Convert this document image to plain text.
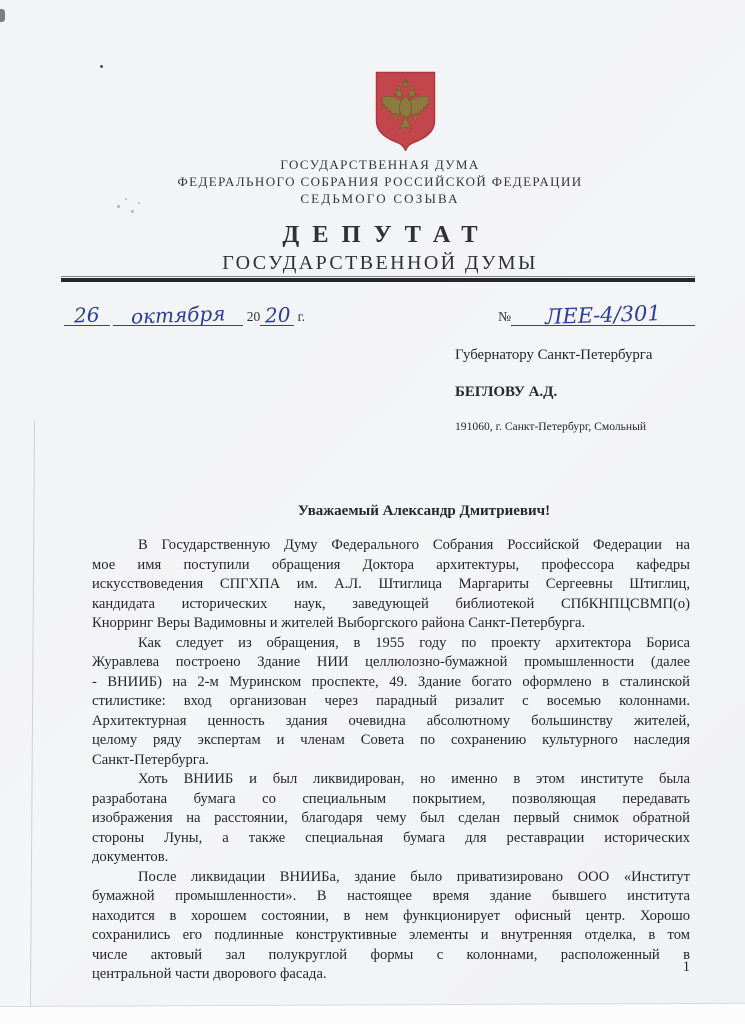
ГОСУДАРСТВЕННАЯ ДУМА
ФЕДЕРАЛЬНОГО СОБРАНИЯ РОССИЙСКОЙ ФЕДЕРАЦИИ
СЕДЬМОГО СОЗЫВА
ДЕПУТАТ
ГОСУДАРСТВЕННОЙ ДУМЫ
26 октября 20 20 г.	№ ЛЕЕ-4/301
Губернатору Санкт-Петербурга
БЕГЛОВУ А.Д.
191060, г. Санкт-Петербург, Смольный
Уважаемый Александр Дмитриевич!
В Государственную Думу Федерального Собрания Российской Федерации на
мое имя поступили обращения Доктора архитектуры, профессора кафедры
искусствоведения СПГХПА им. А.Л. Штиглица Маргариты Сергеевны Штиглиц,
кандидата исторических наук, заведующей библиотекой СПбКНПЦСВМП(о)
Кнорринг Веры Вадимовны и жителей Выборгского района Санкт-Петербурга.
Как следует из обращения, в 1955 году по проекту архитектора Бориса
Журавлева построено Здание НИИ целлюлозно-бумажной промышленности (далее
- ВНИИБ) на 2-м Муринском проспекте, 49. Здание богато оформлено в сталинской
стилистике: вход организован через парадный ризалит с восемью колоннами.
Архитектурная ценность здания очевидна абсолютному большинству жителей,
целому ряду экспертам и членам Совета по сохранению культурного наследия
Санкт-Петербурга.
Хоть ВНИИБ и был ликвидирован, но именно в этом институте была
разработана бумага со специальным покрытием, позволяющая передавать
изображения на расстоянии, благодаря чему был сделан первый снимок обратной
стороны Луны, а также специальная бумага для реставрации исторических
документов.
После ликвидации ВНИИБа, здание было приватизировано ООО «Институт
бумажной промышленности». В настоящее время здание бывшего института
находится в хорошем состоянии, в нем функционирует офисный центр. Хорошо
сохранились его подлинные конструктивные элементы и внутренняя отделка, в том
числе актовый зал полукруглой формы с колоннами, расположенный в
центральной части дворового фасада.	1
